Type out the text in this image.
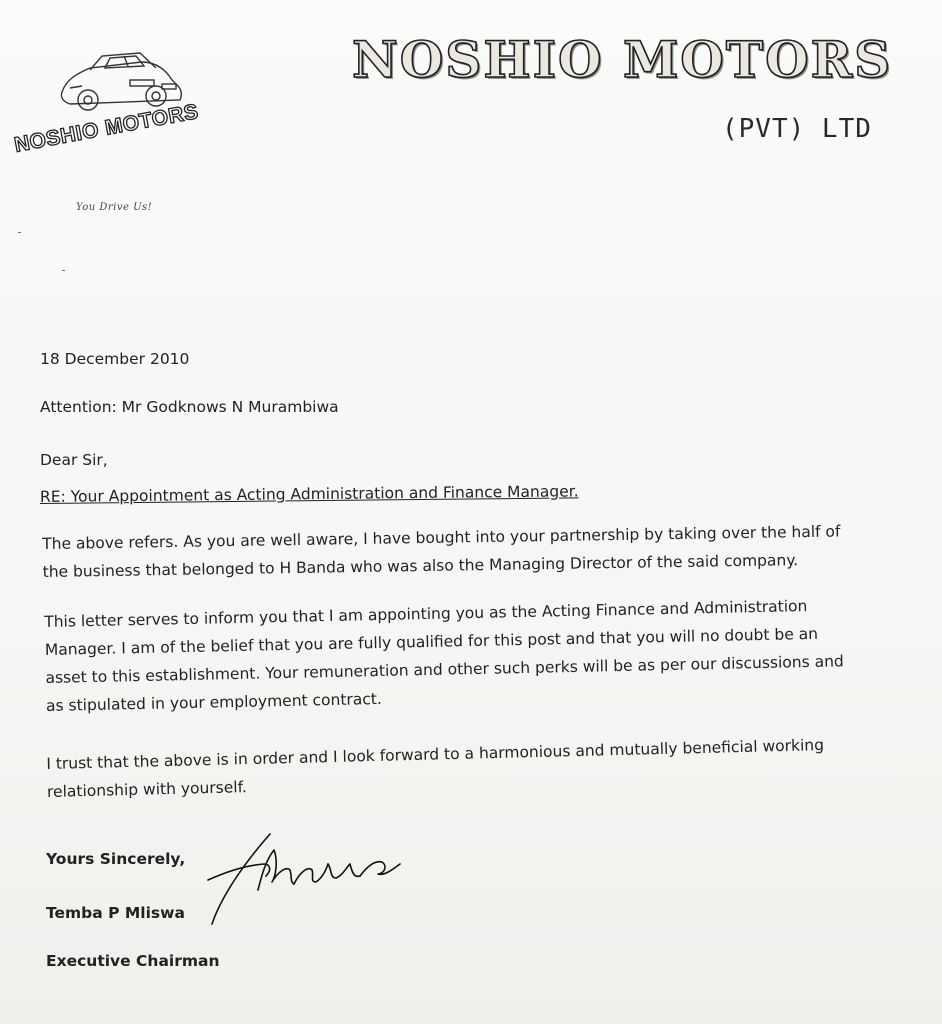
NOSHIO MOTORS
You Drive Us!
NOSHIO MOTORS
(PVT) LTD
18 December 2010
Attention: Mr Godknows N Murambiwa
Dear Sir,
RE: Your Appointment as Acting Administration and Finance Manager.
The above refers. As you are well aware, I have bought into your partnership by taking over the half of
the business that belonged to H Banda who was also the Managing Director of the said company.
This letter serves to inform you that I am appointing you as the Acting Finance and Administration
Manager. I am of the belief that you are fully qualified for this post and that you will no doubt be an
asset to this establishment. Your remuneration and other such perks will be as per our discussions and
as stipulated in your employment contract.
I trust that the above is in order and I look forward to a harmonious and mutually beneficial working
relationship with yourself.
Yours Sincerely,
Temba P Mliswa
Executive Chairman
